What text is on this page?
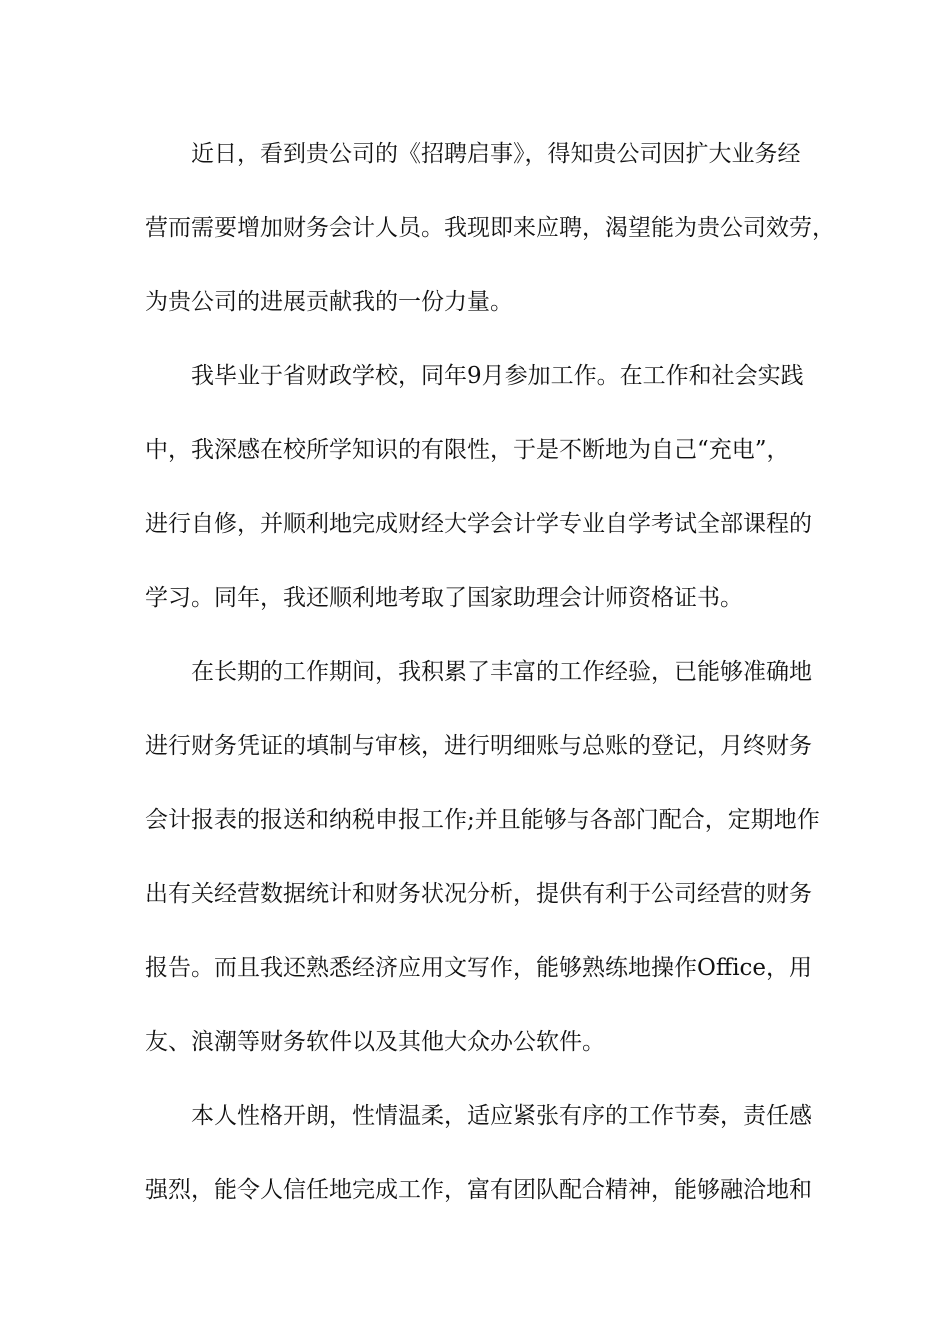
近日，看到贵公司的《招聘启事》，得知贵公司因扩大业务经
营而需要增加财务会计人员。我现即来应聘，渴望能为贵公司效劳，
为贵公司的进展贡献我的一份力量。
我毕业于省财政学校，同年9月参加工作。在工作和社会实践
中，我深感在校所学知识的有限性，于是不断地为自己“充电”，
进行自修，并顺利地完成财经大学会计学专业自学考试全部课程的
学习。同年，我还顺利地考取了国家助理会计师资格证书。
在长期的工作期间，我积累了丰富的工作经验，已能够准确地
进行财务凭证的填制与审核，进行明细账与总账的登记，月终财务
会计报表的报送和纳税申报工作;并且能够与各部门配合，定期地作
出有关经营数据统计和财务状况分析，提供有利于公司经营的财务
报告。而且我还熟悉经济应用文写作，能够熟练地操作Office，用
友、浪潮等财务软件以及其他大众办公软件。
本人性格开朗，性情温柔，适应紧张有序的工作节奏，责任感
强烈，能令人信任地完成工作，富有团队配合精神，能够融洽地和
